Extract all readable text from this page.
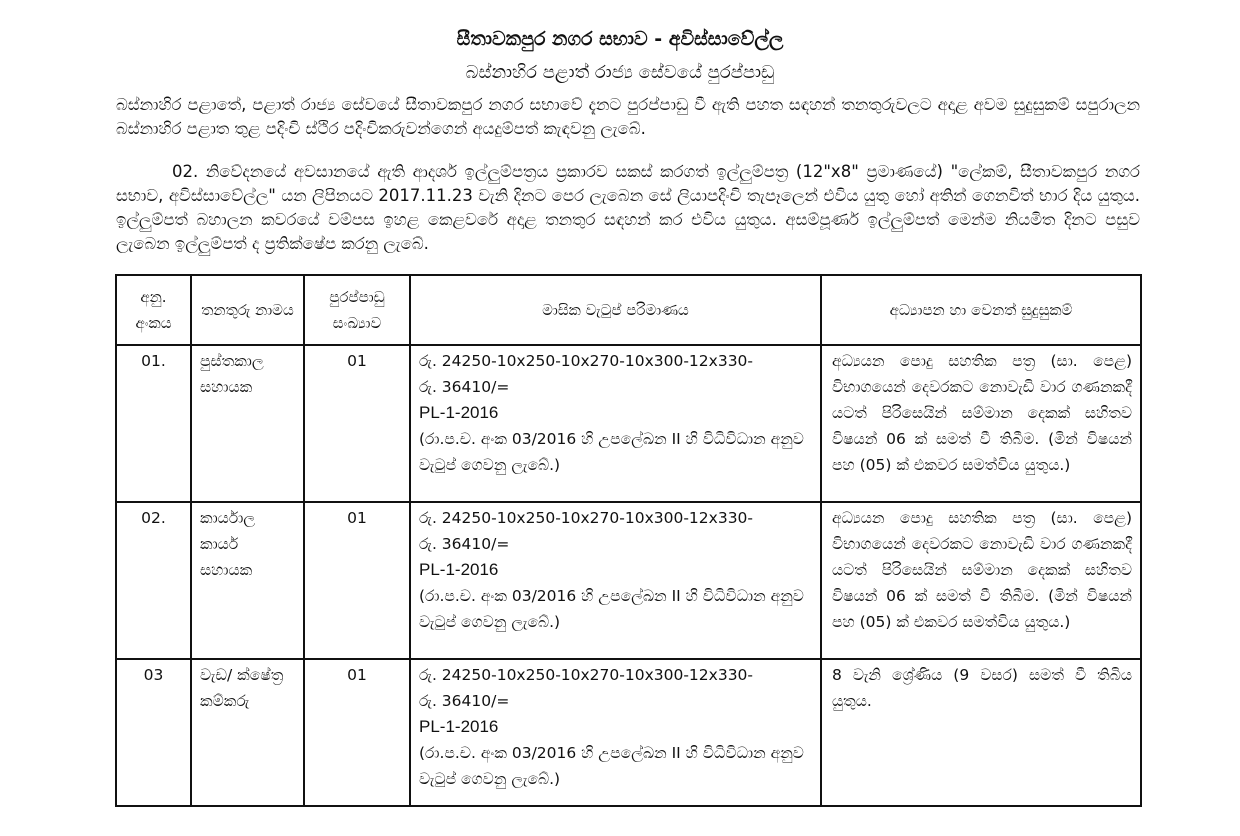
සීතාවකපුර නගර සභාව - අවිස්සාවේල්ල
බස්නාහිර පළාත් රාජ්‍ය සේවයේ පුරප්පාඩු

බස්නාහිර පළාතේ, පළාත් රාජ්‍ය සේවයේ සීතාවකපුර නගර සභාවේ දැනට පුරප්පාඩු වී ඇති පහත සඳහන් තනතුරුවලට අදාළ අවම සුදුසුකම් සපුරාලන බස්නාහිර පළාත තුළ පදිංචි ස්ථිර පදිංචිකරුවන්ගෙන් අයදුම්පත් කැඳවනු ලැබේ.

02. නිවේදනයේ අවසානයේ ඇති ආදර්ශ ඉල්ලුම්පත්‍රය ප්‍රකාරව සකස් කරගත් ඉල්ලුම්පත්‍ර (12"x8" ප්‍රමාණයේ) "ලේකම්, සීතාවකපුර නගර සභාව, අවිස්සාවේල්ල" යන ලිපිනයට 2017.11.23 වැනි දිනට පෙර ලැබෙන සේ ලියාපදිංචි තැපෑලෙන් එවිය යුතු හෝ අතින් ගෙනවිත් භාර දිය යුතුය. ඉල්ලුම්පත් බහාලන කවරයේ වම්පස ඉහළ කෙළවරේ අදාළ තනතුර සඳහන් කර එවිය යුතුය. අසම්පූර්ණ ඉල්ලුම්පත් මෙන්ම නියමිත දිනට පසුව ලැබෙන ඉල්ලුම්පත් ද ප්‍රතික්ෂේප කරනු ලැබේ.

අනු. අංකය	තනතුරු නාමය	පුරප්පාඩු සංඛ්‍යාව	මාසික වැටුප් පරිමාණය	අධ්‍යාපන හා වෙනත් සුදුසුකම්
01.	පුස්තකාල සහායක	01	රු. 24250-10x250-10x270-10x300-12x330-
රු. 36410/=
PL-1-2016
(රා.ප.ච. අංක 03/2016 හි උපලේඛන II හි විධිවිධාන අනුව වැටුප් ගෙවනු ලැබේ.)	අධ්‍යයන පොදු සහතික පත්‍ර (සා. පෙළ) විභාගයෙන් දෙවරකට නොවැඩි වාර ගණනකදී යටත් පිරිසෙයින් සම්මාන දෙකක් සහිතව විෂයන් 06 ක් සමත් වී තිබීම. (මින් විෂයන් පහ (05) ක් එකවර සමත්විය යුතුය.)
02.	කාර්යාල කාර්ය සහායක	01	රු. 24250-10x250-10x270-10x300-12x330-
රු. 36410/=
PL-1-2016
(රා.ප.ච. අංක 03/2016 හි උපලේඛන II හි විධිවිධාන අනුව වැටුප් ගෙවනු ලැබේ.)	අධ්‍යයන පොදු සහතික පත්‍ර (සා. පෙළ) විභාගයෙන් දෙවරකට නොවැඩි වාර ගණනකදී යටත් පිරිසෙයින් සම්මාන දෙකක් සහිතව විෂයන් 06 ක් සමත් වී තිබීම. (මින් විෂයන් පහ (05) ක් එකවර සමත්විය යුතුය.)
03	වැඩ/ ක්ෂේත්‍ර කම්කරු	01	රු. 24250-10x250-10x270-10x300-12x330-
රු. 36410/=
PL-1-2016
(රා.ප.ච. අංක 03/2016 හි උපලේඛන II හි විධිවිධාන අනුව වැටුප් ගෙවනු ලැබේ.)	8 වැනි ශ්‍රේණිය (9 වසර) සමත් වී තිබිය යුතුය.
